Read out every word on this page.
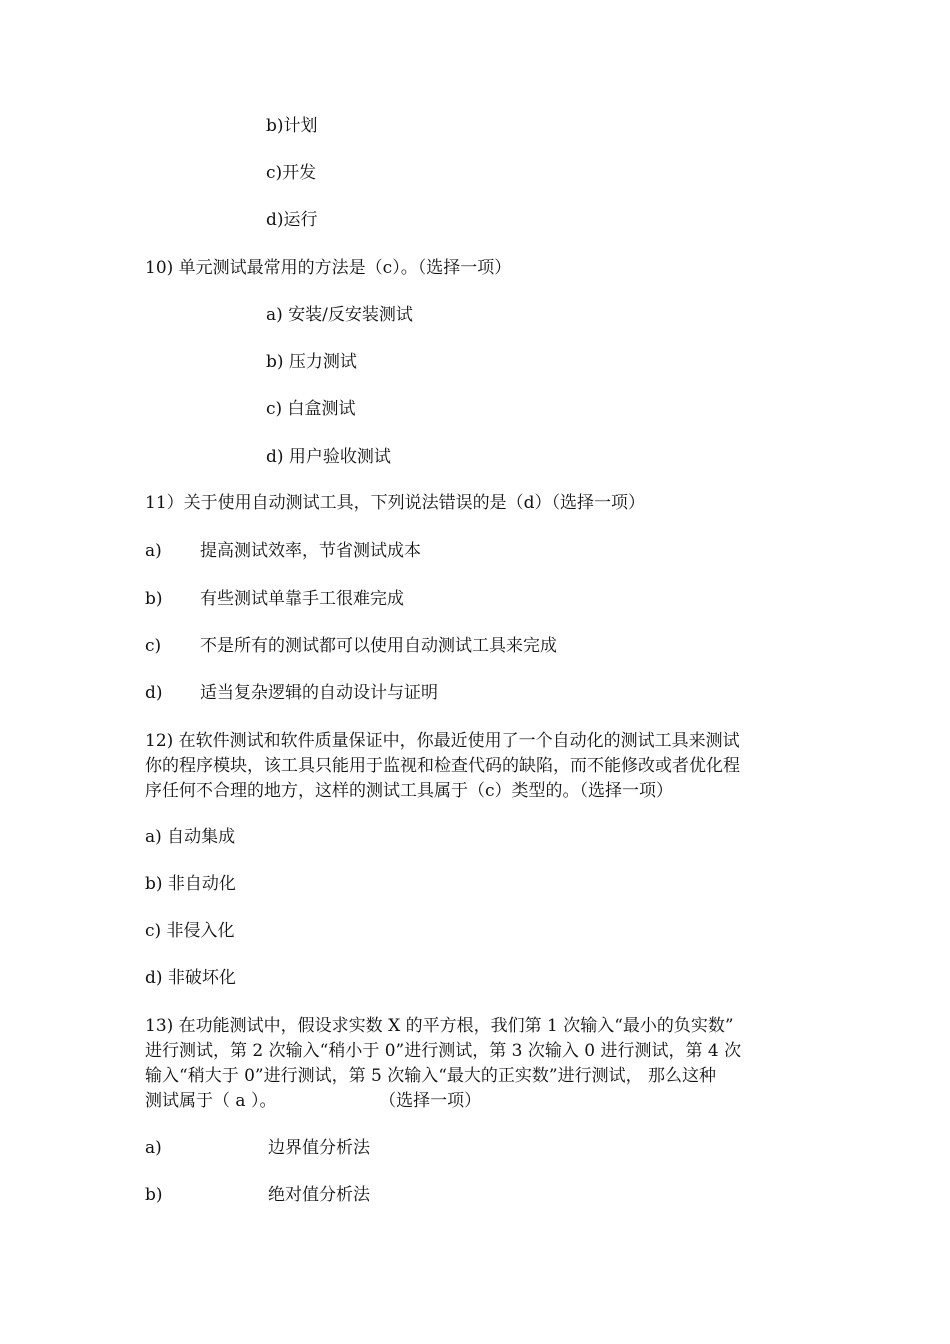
b)计划
c)开发
d)运行
10) 单元测试最常用的方法是（c）。（选择一项）
a) 安装/反安装测试
b) 压力测试
c) 白盒测试
d) 用户验收测试
11）关于使用自动测试工具，下列说法错误的是（d）（选择一项）
a) 提高测试效率，节省测试成本
b) 有些测试单靠手工很难完成
c) 不是所有的测试都可以使用自动测试工具来完成
d) 适当复杂逻辑的自动设计与证明
12) 在软件测试和软件质量保证中，你最近使用了一个自动化的测试工具来测试
你的程序模块，该工具只能用于监视和检查代码的缺陷，而不能修改或者优化程
序任何不合理的地方，这样的测试工具属于（c）类型的。（选择一项）
a) 自动集成
b) 非自动化
c) 非侵入化
d) 非破坏化
13) 在功能测试中，假设求实数 X 的平方根，我们第 1 次输入“最小的负实数”
进行测试，第 2 次输入“稍小于 0”进行测试，第 3 次输入 0 进行测试，第 4 次
输入“稍大于 0”进行测试，第 5 次输入“最大的正实数”进行测试， 那么这种
测试属于（ a ）。                   （选择一项）
a)	边界值分析法
b)	绝对值分析法
